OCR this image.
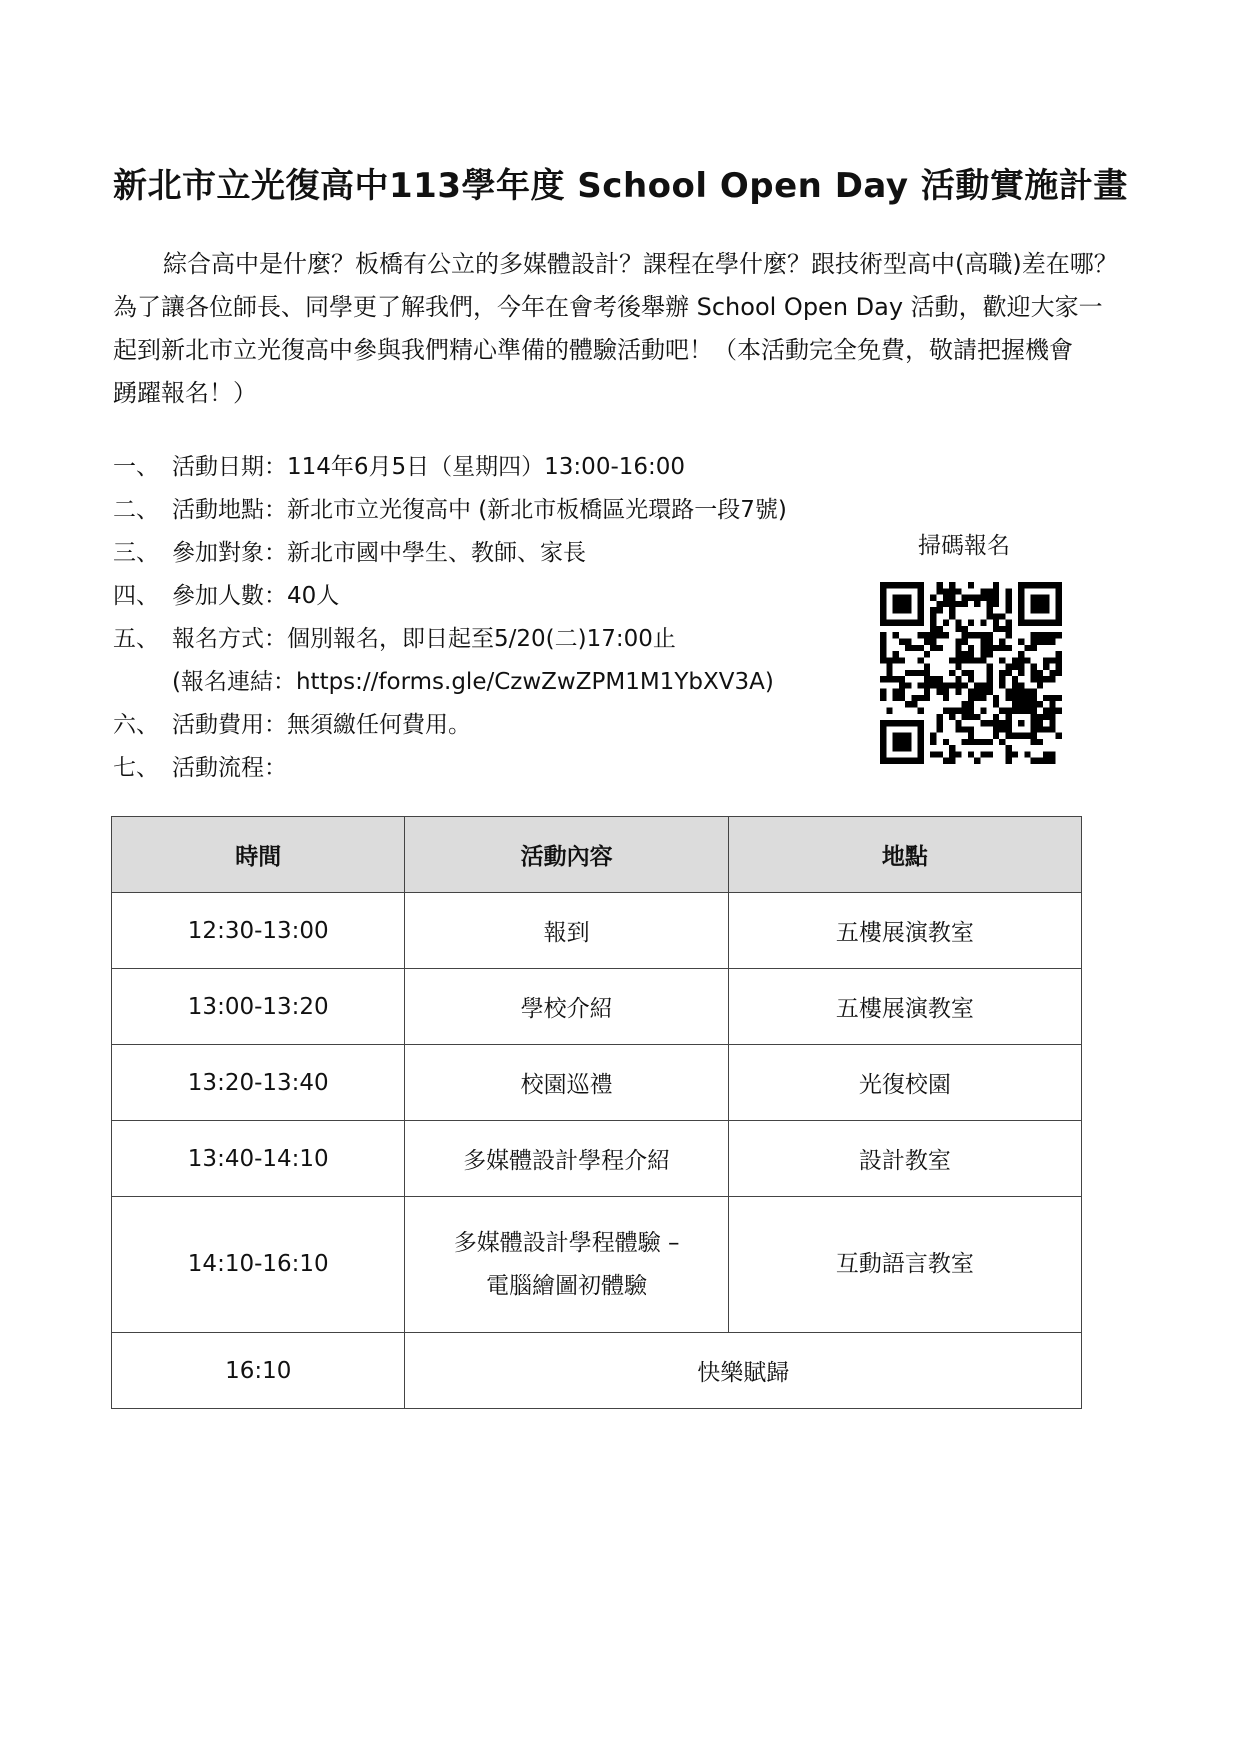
新北市立光復高中113學年度 School Open Day 活動實施計畫
綜合高中是什麼？板橋有公立的多媒體設計？課程在學什麼？跟技術型高中(高職)差在哪？
為了讓各位師長、同學更了解我們，今年在會考後舉辦 School Open Day 活動，歡迎大家一
起到新北市立光復高中參與我們精心準備的體驗活動吧！（本活動完全免費，敬請把握機會
踴躍報名！）
一、 活動日期：114年6月5日（星期四）13:00-16:00
二、 活動地點：新北市立光復高中 (新北市板橋區光環路一段7號)
三、 參加對象：新北市國中學生、教師、家長
四、 參加人數：40人
五、 報名方式：個別報名，即日起至5/20(二)17:00止
(報名連結：https://forms.gle/CzwZwZPM1M1YbXV3A)
六、 活動費用：無須繳任何費用。
七、 活動流程：
掃碼報名
時間	活動內容	地點
12:30-13:00	報到	五樓展演教室
13:00-13:20	學校介紹	五樓展演教室
13:20-13:40	校園巡禮	光復校園
13:40-14:10	多媒體設計學程介紹	設計教室
14:10-16:10	多媒體設計學程體驗 –
電腦繪圖初體驗	互動語言教室
16:10	快樂賦歸	
